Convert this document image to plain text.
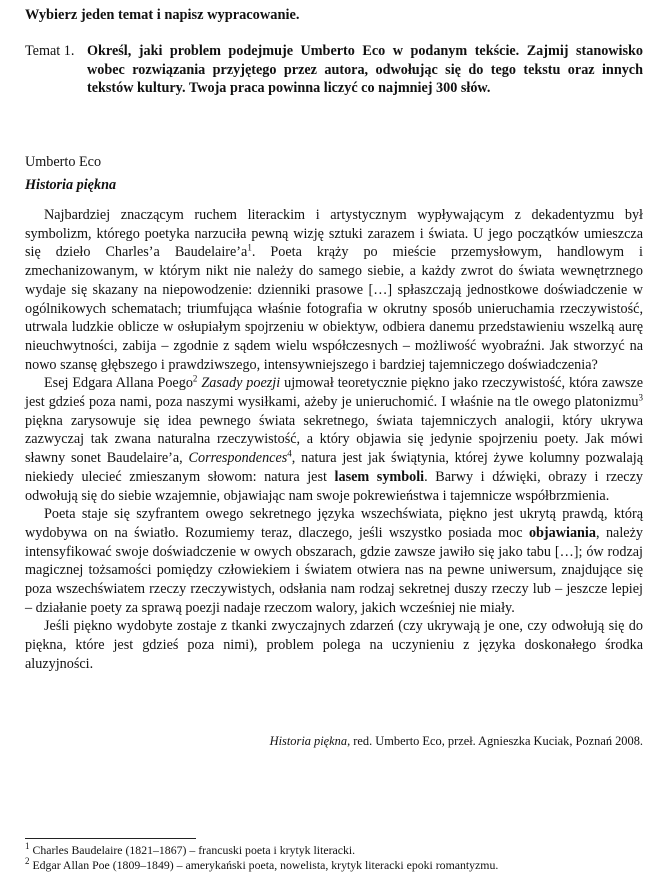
Wybierz jeden temat i napisz wypracowanie.
Temat 1. Określ, jaki problem podejmuje Umberto Eco w podanym tekście. Zajmij stanowisko wobec rozwiązania przyjętego przez autora, odwołując się do tego tekstu oraz innych tekstów kultury. Twoja praca powinna liczyć co najmniej 300 słów.
Umberto Eco
Historia piękna

Najbardziej znaczącym ruchem literackim i artystycznym wypływającym z dekadentyzmu był symbolizm, którego poetyka narzuciła pewną wizję sztuki zarazem i świata. U jego początków umieszcza się dzieło Charles’a $Baudelaire’a^1$. Poeta krąży po mieście przemysłowym, handlowym i zmechanizowanym, w którym nikt nie należy do samego siebie, a każdy zwrot do świata wewnętrznego wydaje się skazany na niepowodzenie: dzienniki prasowe […] spłaszczają jednostkowe doświadczenie w ogólnikowych schematach; triumfująca właśnie fotografia w okrutny sposób unieruchamia rzeczywistość, utrwala ludzkie oblicze w osłupiałym spojrzeniu w obiektyw, odbiera danemu przedstawieniu wszelką aurę nieuchwytności, zabija – zgodnie z sądem wielu współczesnych – możliwość wyobraźni. Jak stworzyć na nowo szansę głębszego i prawdziwszego, intensywniejszego i bardziej tajemniczego doświadczenia?

Esej Edgara Allana Poego$^2$ Zasady poezji ujmował teoretycznie piękno jako rzeczywistość, która zawsze jest gdzieś poza nami, poza naszymi wysiłkami, ażeby je unieruchomić. I właśnie na tle owego platonizmu$^3$ piękna zarysowuje się idea pewnego świata sekretnego, świata tajemniczych analogii, który ukrywa zazwyczaj tak zwana naturalna rzeczywistość, a który objawia się jedynie spojrzeniu poety. Jak mówi sławny sonet Baudelaire’a, Correspondences$^4$, natura jest jak świątynia, której żywe kolumny pozwalają niekiedy ulecieć zmieszanym słowom: natura jest lasem symboli. Barwy i dźwięki, obrazy i rzeczy odwołują się do siebie wzajemnie, objawiając nam swoje pokrewieństwa i tajemnicze współbrzmienia.

Poeta staje się szyfrantem owego sekretnego języka wszechświata, piękno jest ukrytą prawdą, którą wydobywa on na światło. Rozumiemy teraz, dlaczego, jeśli wszystko posiada moc objawiania, należy intensyfikować swoje doświadczenie w owych obszarach, gdzie zawsze jawiło się jako tabu […]; ów rodzaj magicznej tożsamości pomiędzy człowiekiem i światem otwiera nas na pewne uniwersum, znajdujące się poza wszechświatem rzeczy rzeczywistych, odsłania nam rodzaj sekretnej duszy rzeczy lub – jeszcze lepiej – działanie poety za sprawą poezji nadaje rzeczom walory, jakich wcześniej nie miały.

Jeśli piękno wydobyte zostaje z tkanki zwyczajnych zdarzeń (czy ukrywają je one, czy odwołują się do piękna, które jest gdzieś poza nimi), problem polega na uczynieniu z języka doskonałego środka aluzyjności.

Historia piękna, red. Umberto Eco, przeł. Agnieszka Kuciak, Poznań 2008.
$^1$ Charles Baudelaire (1821–1867) – francuski poeta i krytyk literacki.
$^2$ Edgar Allan Poe (1809–1849) – amerykański poeta, nowelista, krytyk literacki epoki romantyzmu.
